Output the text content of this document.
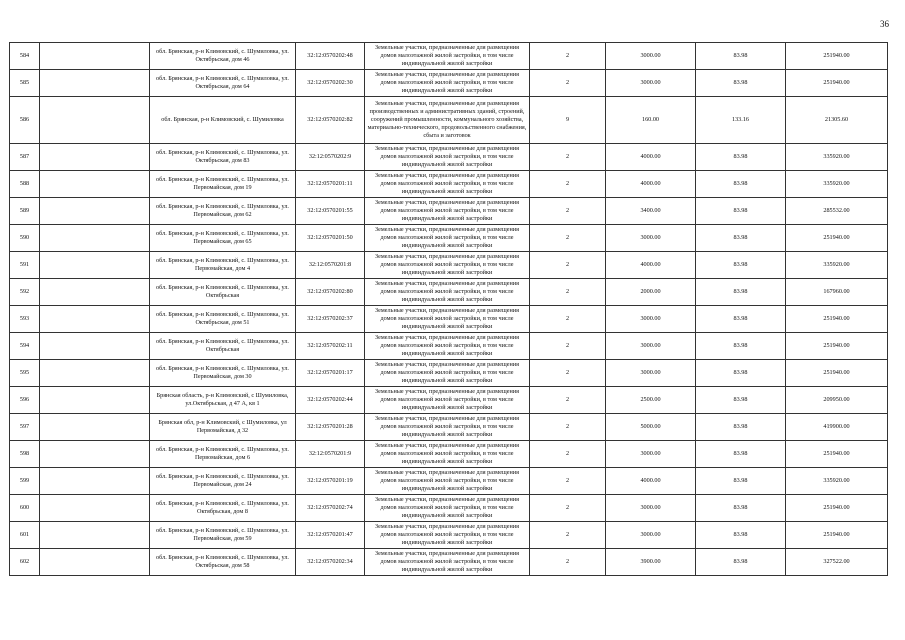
36
584		обл. Брянская, р-н Климовский, с. Шумиловка, ул. Октябрьская, дом 46	32:12:0570202:48	Земельные участки, предназначенные для размещения домов малоэтажной жилой застройки, в том числе индивидуальной жилой застройки	2	3000.00	83.98	251940.00
585		обл. Брянская, р-н Климовский, с. Шумиловка, ул. Октябрьская, дом 64	32:12:0570202:30	Земельные участки, предназначенные для размещения домов малоэтажной жилой застройки, в том числе индивидуальной жилой застройки	2	3000.00	83.98	251940.00
586		обл. Брянская, р-н Климовский, с. Шумиловка	32:12:0570202:82	Земельные участки, предназначенные для размещения производственных и административных зданий, строений, сооружений промышленности, коммунального хозяйства, материально-технического, продовольственного снабжения, сбыта и заготовок	9	160.00	133.16	21305.60
587		обл. Брянская, р-н Климовский, с. Шумиловка, ул. Октябрьская, дом 83	32:12:0570202:9	Земельные участки, предназначенные для размещения домов малоэтажной жилой застройки, в том числе индивидуальной жилой застройки	2	4000.00	83.98	335920.00
588		обл. Брянская, р-н Климовский, с. Шумиловка, ул. Первомайская, дом 19	32:12:0570201:11	Земельные участки, предназначенные для размещения домов малоэтажной жилой застройки, в том числе индивидуальной жилой застройки	2	4000.00	83.98	335920.00
589		обл. Брянская, р-н Климовский, с. Шумиловка, ул. Первомайская, дом 62	32:12:0570201:55	Земельные участки, предназначенные для размещения домов малоэтажной жилой застройки, в том числе индивидуальной жилой застройки	2	3400.00	83.98	285532.00
590		обл. Брянская, р-н Климовский, с. Шумиловка, ул. Первомайская, дом 65	32:12:0570201:50	Земельные участки, предназначенные для размещения домов малоэтажной жилой застройки, в том числе индивидуальной жилой застройки	2	3000.00	83.98	251940.00
591		обл. Брянская, р-н Климовский, с. Шумиловка, ул. Первомайская, дом 4	32:12:0570201:8	Земельные участки, предназначенные для размещения домов малоэтажной жилой застройки, в том числе индивидуальной жилой застройки	2	4000.00	83.98	335920.00
592		обл. Брянская, р-н Климовский, с. Шумиловка, ул. Октябрьская	32:12:0570202:80	Земельные участки, предназначенные для размещения домов малоэтажной жилой застройки, в том числе индивидуальной жилой застройки	2	2000.00	83.98	167960.00
593		обл. Брянская, р-н Климовский, с. Шумиловка, ул. Октябрьская, дом 51	32:12:0570202:37	Земельные участки, предназначенные для размещения домов малоэтажной жилой застройки, в том числе индивидуальной жилой застройки	2	3000.00	83.98	251940.00
594		обл. Брянская, р-н Климовский, с. Шумиловка, ул. Октябрьская	32:12:0570202:11	Земельные участки, предназначенные для размещения домов малоэтажной жилой застройки, в том числе индивидуальной жилой застройки	2	3000.00	83.98	251940.00
595		обл. Брянская, р-н Климовский, с. Шумиловка, ул. Первомайская, дом 30	32:12:0570201:17	Земельные участки, предназначенные для размещения домов малоэтажной жилой застройки, в том числе индивидуальной жилой застройки	2	3000.00	83.98	251940.00
596		Брянская область, р-н Климовский, с Шумиловка, ул.Октябрьская, д 47 А, кв 1	32:12:0570202:44	Земельные участки, предназначенные для размещения домов малоэтажной жилой застройки, в том числе индивидуальной жилой застройки	2	2500.00	83.98	209950.00
597		Брянская обл, р-н Климовский, с Шумиловка, ул Первомайская, д 32	32:12:0570201:28	Земельные участки, предназначенные для размещения домов малоэтажной жилой застройки, в том числе индивидуальной жилой застройки	2	5000.00	83.98	419900.00
598		обл. Брянская, р-н Климовский, с. Шумиловка, ул. Первомайская, дом 6	32:12:0570201:9	Земельные участки, предназначенные для размещения домов малоэтажной жилой застройки, в том числе индивидуальной жилой застройки	2	3000.00	83.98	251940.00
599		обл. Брянская, р-н Климовский, с. Шумиловка, ул. Первомайская, дом 24	32:12:0570201:19	Земельные участки, предназначенные для размещения домов малоэтажной жилой застройки, в том числе индивидуальной жилой застройки	2	4000.00	83.98	335920.00
600		обл. Брянская, р-н Климовский, с. Шумиловка, ул. Октябрьская, дом 8	32:12:0570202:74	Земельные участки, предназначенные для размещения домов малоэтажной жилой застройки, в том числе индивидуальной жилой застройки	2	3000.00	83.98	251940.00
601		обл. Брянская, р-н Климовский, с. Шумиловка, ул. Первомайская, дом 59	32:12:0570201:47	Земельные участки, предназначенные для размещения домов малоэтажной жилой застройки, в том числе индивидуальной жилой застройки	2	3000.00	83.98	251940.00
602		обл. Брянская, р-н Климовский, с. Шумиловка, ул. Октябрьская, дом 58	32:12:0570202:34	Земельные участки, предназначенные для размещения домов малоэтажной жилой застройки, в том числе индивидуальной жилой застройки	2	3900.00	83.98	327522.00
